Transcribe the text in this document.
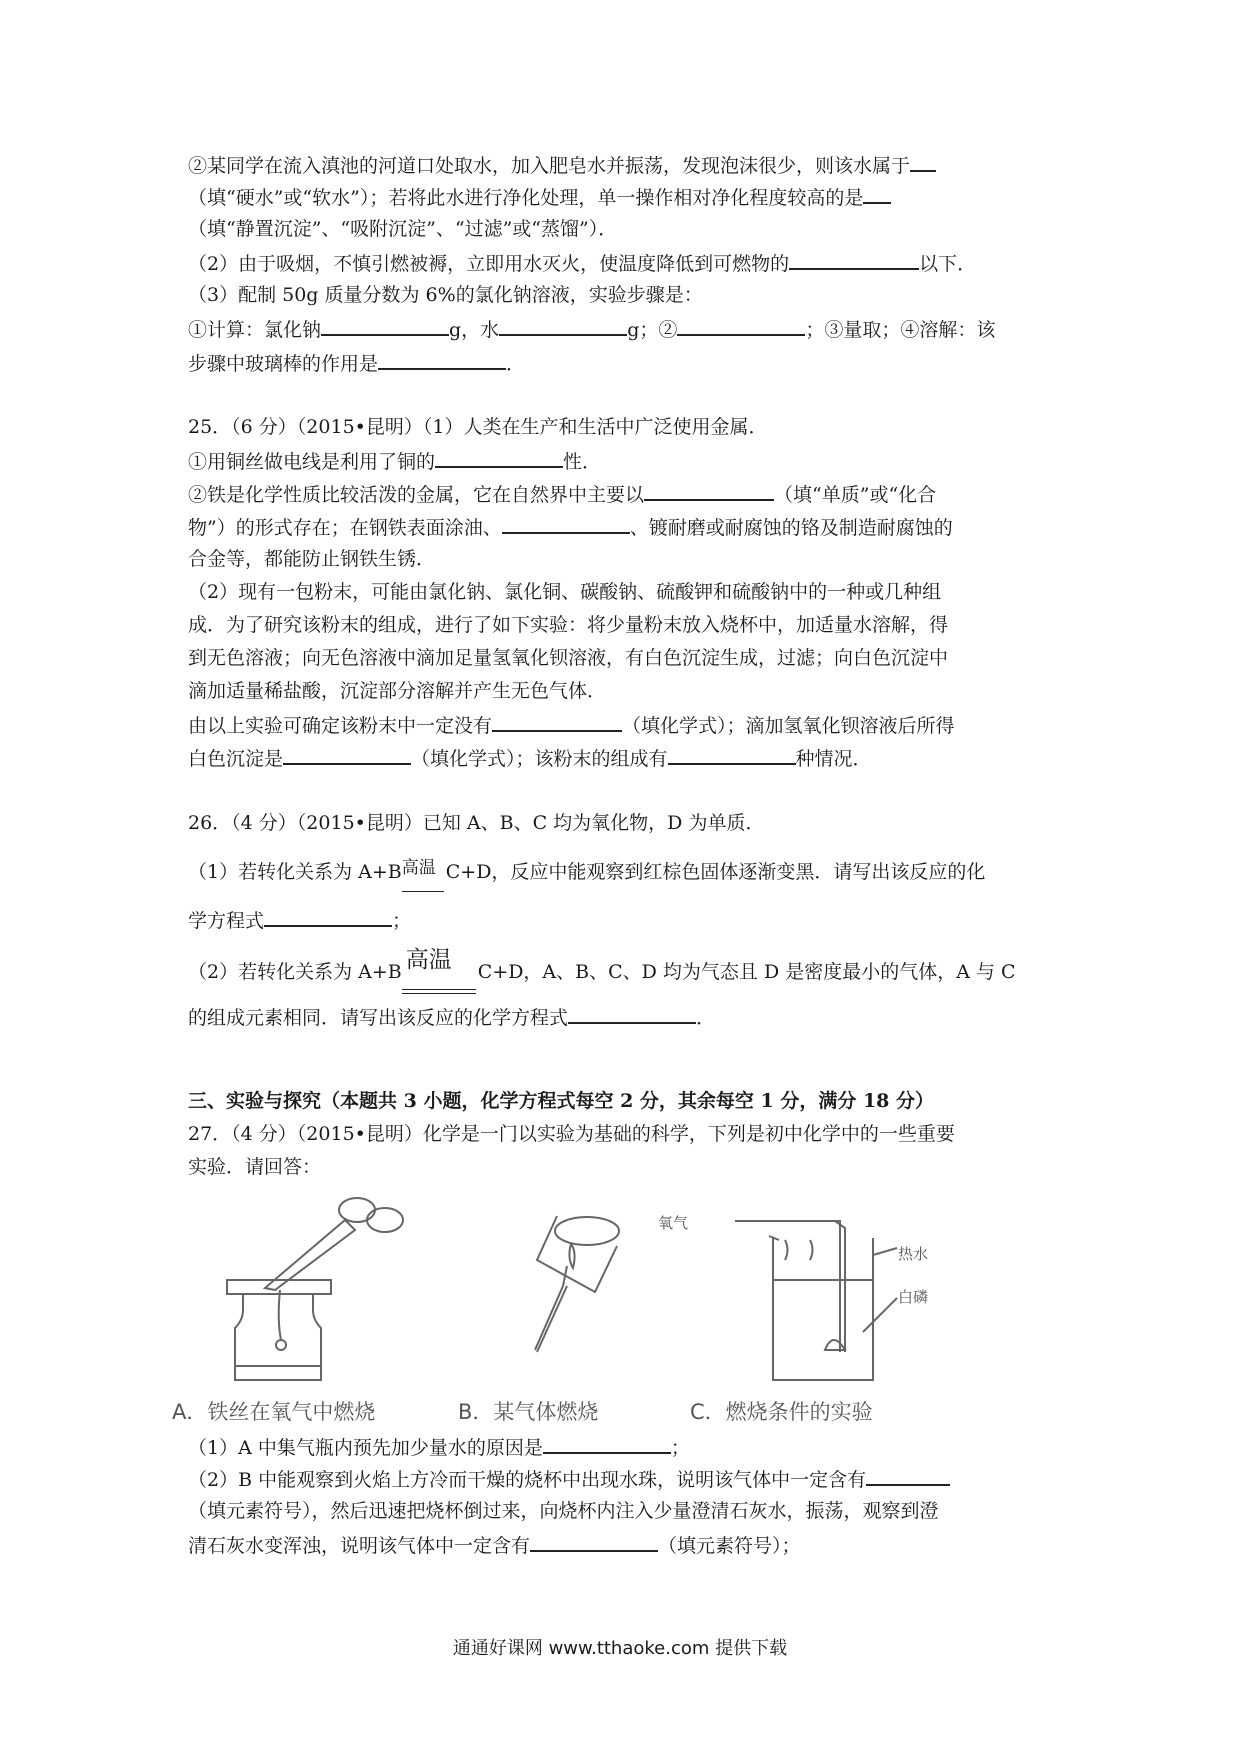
②某同学在流入滇池的河道口处取水，加入肥皂水并振荡，发现泡沫很少，则该水属于
（填“硬水”或“软水”）；若将此水进行净化处理，单一操作相对净化程度较高的是
（填“静置沉淀”、“吸附沉淀”、“过滤”或“蒸馏”）．
（2）由于吸烟，不慎引燃被褥，立即用水灭火，使温度降低到可燃物的	以下．
（3）配制 50g 质量分数为 6%的氯化钠溶液，实验步骤是：
①计算：氯化钠	g，水	g；②	；③量取；④溶解：该
步骤中玻璃棒的作用是	．
25．（6 分）（2015•昆明）（1）人类在生产和生活中广泛使用金属．
①用铜丝做电线是利用了铜的	性．
②铁是化学性质比较活泼的金属，它在自然界中主要以	（填“单质”或“化合
物”）的形式存在；在钢铁表面涂油、	、镀耐磨或耐腐蚀的铬及制造耐腐蚀的
合金等，都能防止钢铁生锈．
（2）现有一包粉末，可能由氯化钠、氯化铜、碳酸钠、硫酸钾和硫酸钠中的一种或几种组
成．为了研究该粉末的组成，进行了如下实验：将少量粉末放入烧杯中，加适量水溶解，得
到无色溶液；向无色溶液中滴加足量氢氧化钡溶液，有白色沉淀生成，过滤；向白色沉淀中
滴加适量稀盐酸，沉淀部分溶解并产生无色气体．
由以上实验可确定该粉末中一定没有	（填化学式）；滴加氢氧化钡溶液后所得
白色沉淀是	（填化学式）；该粉末的组成有	种情况．
26．（4 分）（2015•昆明）已知 A、B、C 均为氧化物，D 为单质．
（1）若转化关系为 A+B 高温 C+D，反应中能观察到红棕色固体逐渐变黑．请写出该反应的化
学方程式	；
（2）若转化关系为 A+B 高温 C+D，A、B、C、D 均为气态且 D 是密度最小的气体，A 与 C
的组成元素相同．请写出该反应的化学方程式	．
三、实验与探究（本题共 3 小题，化学方程式每空 2 分，其余每空 1 分，满分 18 分）
27．（4 分）（2015•昆明）化学是一门以实验为基础的科学，下列是初中化学中的一些重要
实验．请回答：
氧气
热水
白磷
A．铁丝在氧气中燃烧	B．某气体燃烧	C．燃烧条件的实验
（1）A 中集气瓶内预先加少量水的原因是	；
（2）B 中能观察到火焰上方冷而干燥的烧杯中出现水珠，说明该气体中一定含有
（填元素符号），然后迅速把烧杯倒过来，向烧杯内注入少量澄清石灰水，振荡，观察到澄
清石灰水变浑浊，说明该气体中一定含有	（填元素符号）；
通通好课网 www.tthaoke.com 提供下载
